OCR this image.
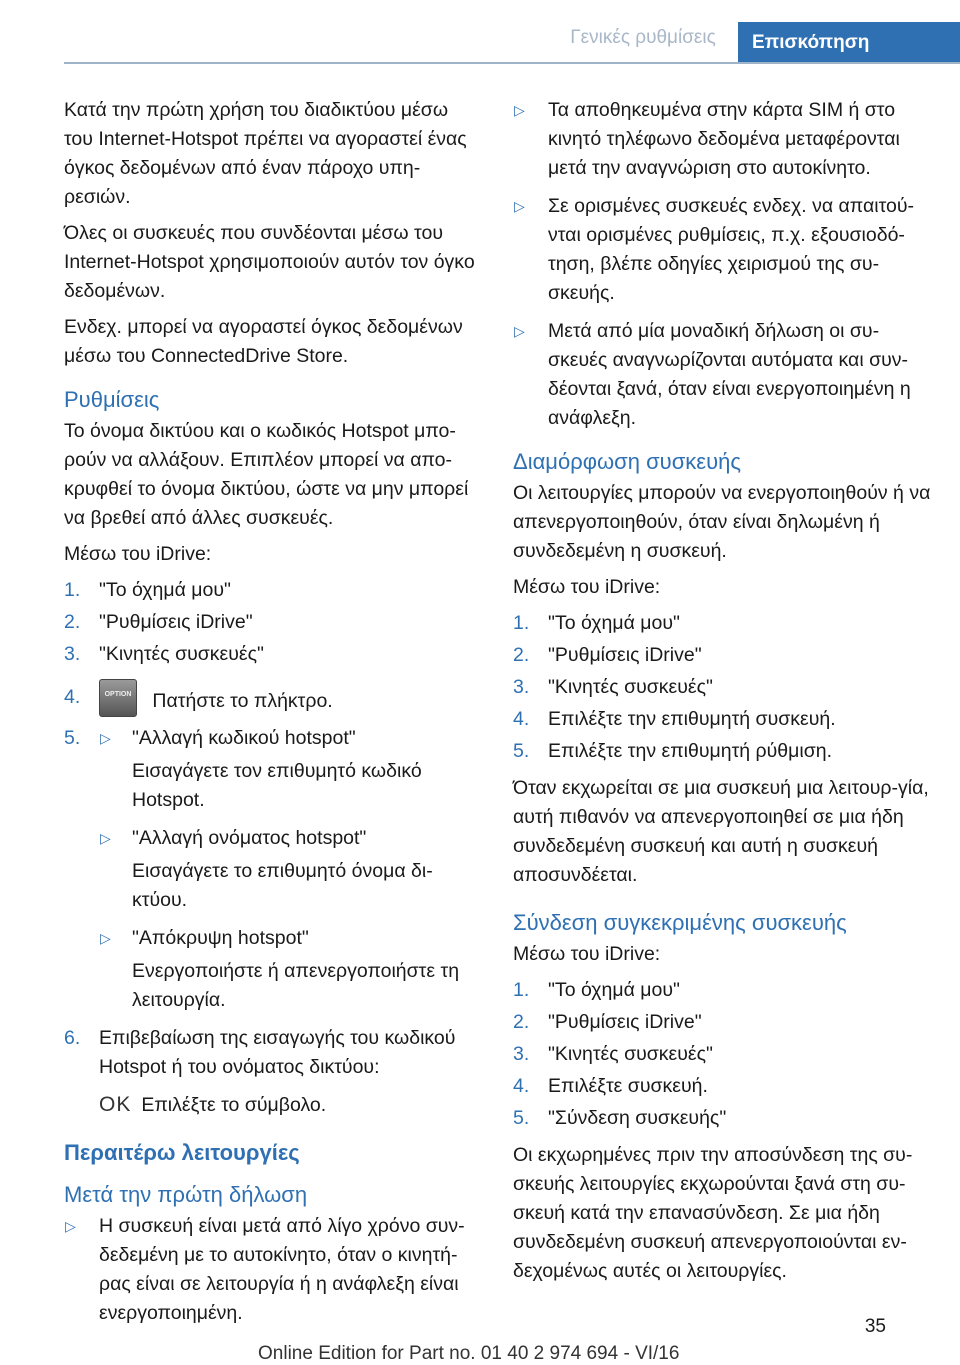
Γενικές ρυθμίσεις	Επισκόπηση

Κατά την πρώτη χρήση του διαδικτύου μέσω του Internet-Hotspot πρέπει να αγοραστεί ένας όγκος δεδομένων από έναν πάροχο υπη‐ρεσιών.

Όλες οι συσκευές που συνδέονται μέσω του Internet-Hotspot χρησιμοποιούν αυτόν τον όγκο δεδομένων.

Ενδεχ. μπορεί να αγοραστεί όγκος δεδομένων μέσω του ConnectedDrive Store.

Ρυθμίσεις

Το όνομα δικτύου και ο κωδικός Hotspot μπο‐ρούν να αλλάξουν. Επιπλέον μπορεί να απο‐κρυφθεί το όνομα δικτύου, ώστε να μην μπορεί να βρεθεί από άλλες συσκευές.

Μέσω του iDrive:

1. "Το όχημά μου"
2. "Ρυθμίσεις iDrive"
3. "Κινητές συσκευές"
4.	OPTION Πατήστε το πλήκτρο.
5. ▷ "Αλλαγή κωδικού hotspot"

Εισαγάγετε τον επιθυμητό κωδικό Hotspot.

▷ "Αλλαγή ονόματος hotspot"

Εισαγάγετε το επιθυμητό όνομα δι‐κτύου.

▷ "Απόκρυψη hotspot"

Ενεργοποιήστε ή απενεργοποιήστε τη λειτουργία.

6. Επιβεβαίωση της εισαγωγής του κωδικού Hotspot ή του ονόματος δικτύου:
OK Επιλέξτε το σύμβολο.
Περαιτέρω λειτουργίες
Μετά την πρώτη δήλωση
▷ Η συσκευή είναι μετά από λίγο χρόνο συν‐δεδεμένη με το αυτοκίνητο, όταν ο κινητή‐ρας είναι σε λειτουργία ή η ανάφλεξη είναι ενεργοποιημένη.
▷ Τα αποθηκευμένα στην κάρτα SIM ή στο κινητό τηλέφωνο δεδομένα μεταφέρονται μετά την αναγνώριση στο αυτοκίνητο.
▷ Σε ορισμένες συσκευές ενδεχ. να απαιτού‐νται ορισμένες ρυθμίσεις, π.χ. εξουσιοδό‐τηση, βλέπε οδηγίες χειρισμού της συ‐σκευής.
▷ Μετά από μία μοναδική δήλωση οι συ‐σκευές αναγνωρίζονται αυτόματα και συν‐δέονται ξανά, όταν είναι ενεργοποιημένη η ανάφλεξη.
Διαμόρφωση συσκευής

Οι λειτουργίες μπορούν να ενεργοποιηθούν ή να απενεργοποιηθούν, όταν είναι δηλωμένη ή συνδεδεμένη η συσκευή.

Μέσω του iDrive:

1. "Το όχημά μου"
2. "Ρυθμίσεις iDrive"
3. "Κινητές συσκευές"
4. Επιλέξτε την επιθυμητή συσκευή.
5. Επιλέξτε την επιθυμητή ρύθμιση.

Όταν εκχωρείται σε μια συσκευή μια λειτουρ‐γία, αυτή πιθανόν να απενεργοποιηθεί σε μια ήδη συνδεδεμένη συσκευή και αυτή η συσκευή αποσυνδέεται.

Σύνδεση συγκεκριμένης συσκευής

Μέσω του iDrive:

1. "Το όχημά μου"
2. "Ρυθμίσεις iDrive"
3. "Κινητές συσκευές"
4. Επιλέξτε συσκευή.
5. "Σύνδεση συσκευής"

Οι εκχωρημένες πριν την αποσύνδεση της συ‐σκευής λειτουργίες εκχωρούνται ξανά στη συ‐σκευή κατά την επανασύνδεση. Σε μια ήδη συνδεδεμένη συσκευή απενεργοποιούνται εν‐δεχομένως αυτές οι λειτουργίες.

35
Online Edition for Part no. 01 40 2 974 694 - VI/16
